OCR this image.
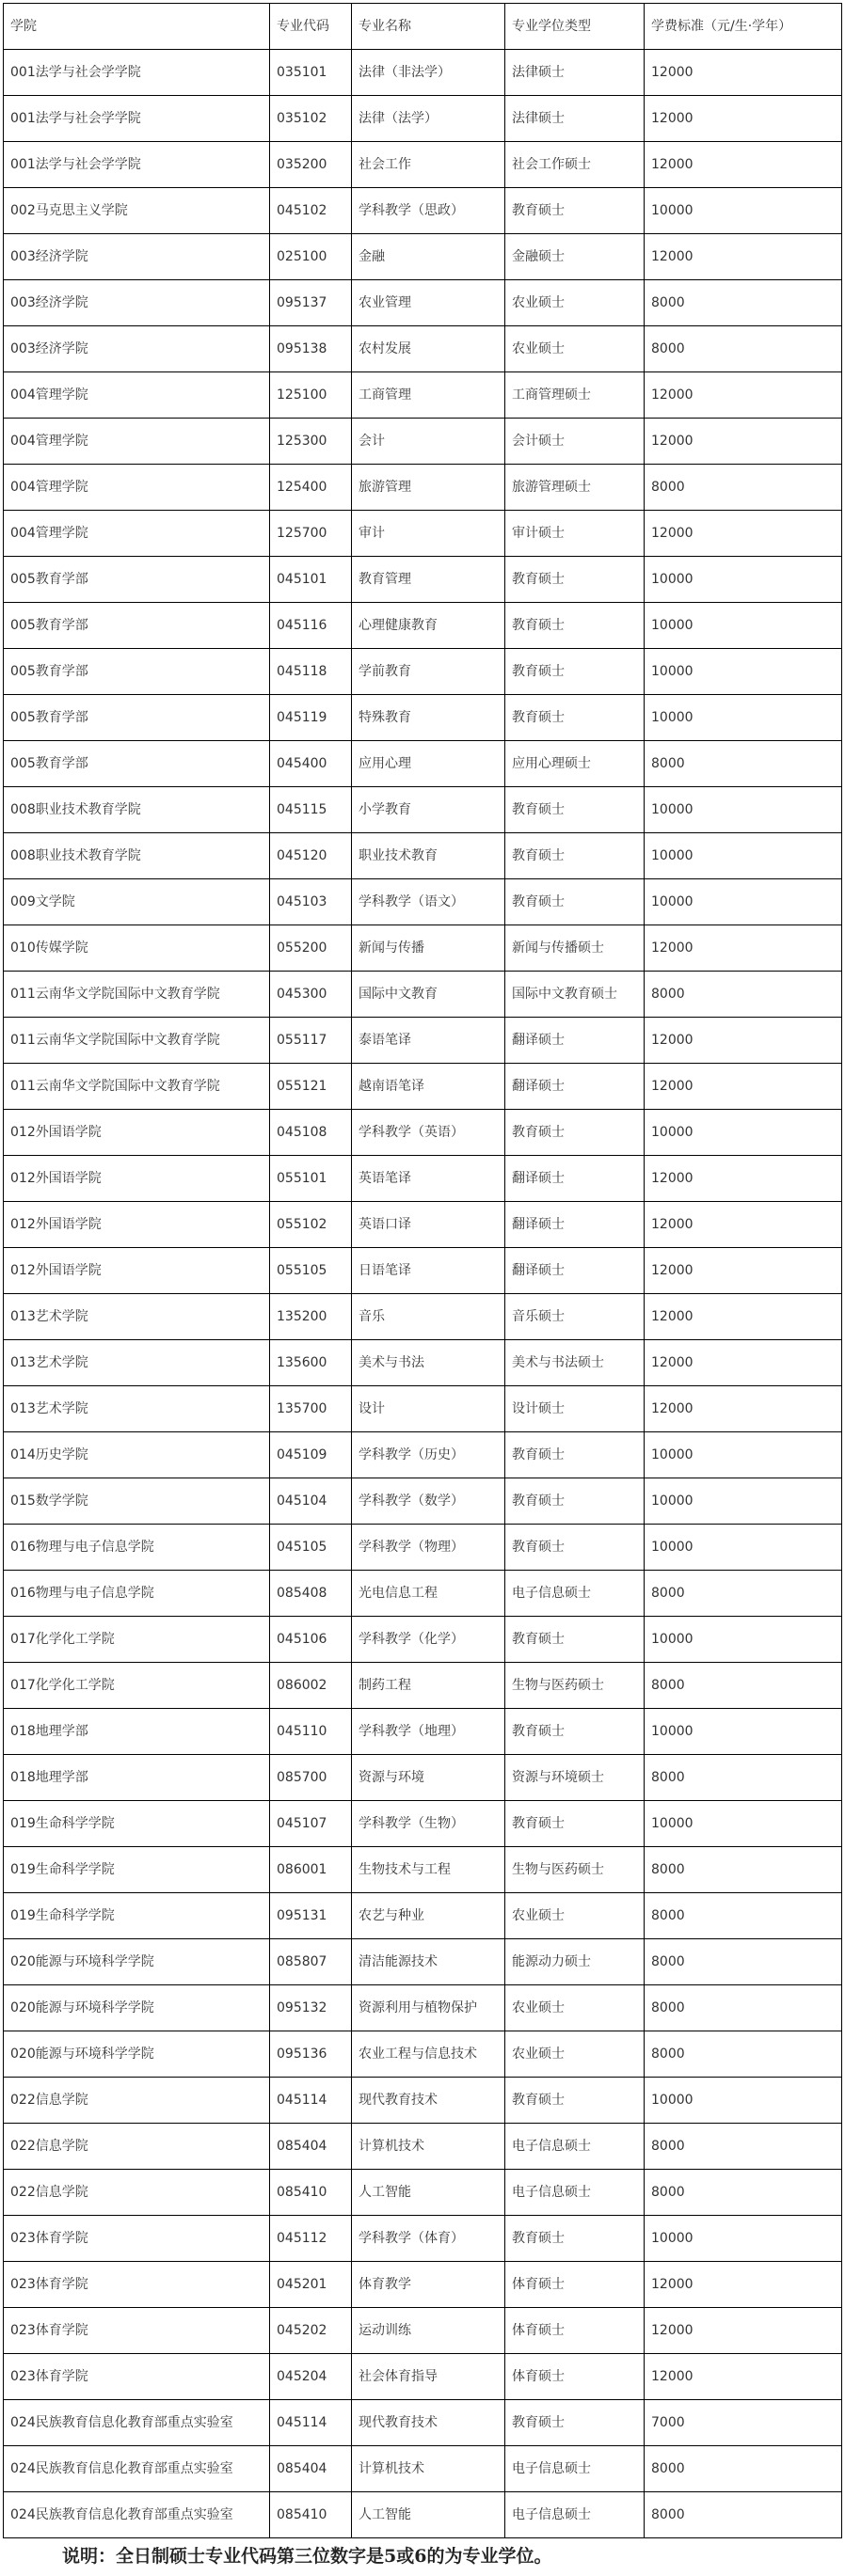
学院	专业代码	专业名称	专业学位类型	学费标准（元/生·学年）
001法学与社会学学院	035101	法律（非法学）	法律硕士	12000
001法学与社会学学院	035102	法律（法学）	法律硕士	12000
001法学与社会学学院	035200	社会工作	社会工作硕士	12000
002马克思主义学院	045102	学科教学（思政）	教育硕士	10000
003经济学院	025100	金融	金融硕士	12000
003经济学院	095137	农业管理	农业硕士	8000
003经济学院	095138	农村发展	农业硕士	8000
004管理学院	125100	工商管理	工商管理硕士	12000
004管理学院	125300	会计	会计硕士	12000
004管理学院	125400	旅游管理	旅游管理硕士	8000
004管理学院	125700	审计	审计硕士	12000
005教育学部	045101	教育管理	教育硕士	10000
005教育学部	045116	心理健康教育	教育硕士	10000
005教育学部	045118	学前教育	教育硕士	10000
005教育学部	045119	特殊教育	教育硕士	10000
005教育学部	045400	应用心理	应用心理硕士	8000
008职业技术教育学院	045115	小学教育	教育硕士	10000
008职业技术教育学院	045120	职业技术教育	教育硕士	10000
009文学院	045103	学科教学（语文）	教育硕士	10000
010传媒学院	055200	新闻与传播	新闻与传播硕士	12000
011云南华文学院国际中文教育学院	045300	国际中文教育	国际中文教育硕士	8000
011云南华文学院国际中文教育学院	055117	泰语笔译	翻译硕士	12000
011云南华文学院国际中文教育学院	055121	越南语笔译	翻译硕士	12000
012外国语学院	045108	学科教学（英语）	教育硕士	10000
012外国语学院	055101	英语笔译	翻译硕士	12000
012外国语学院	055102	英语口译	翻译硕士	12000
012外国语学院	055105	日语笔译	翻译硕士	12000
013艺术学院	135200	音乐	音乐硕士	12000
013艺术学院	135600	美术与书法	美术与书法硕士	12000
013艺术学院	135700	设计	设计硕士	12000
014历史学院	045109	学科教学（历史）	教育硕士	10000
015数学学院	045104	学科教学（数学）	教育硕士	10000
016物理与电子信息学院	045105	学科教学（物理）	教育硕士	10000
016物理与电子信息学院	085408	光电信息工程	电子信息硕士	8000
017化学化工学院	045106	学科教学（化学）	教育硕士	10000
017化学化工学院	086002	制药工程	生物与医药硕士	8000
018地理学部	045110	学科教学（地理）	教育硕士	10000
018地理学部	085700	资源与环境	资源与环境硕士	8000
019生命科学学院	045107	学科教学（生物）	教育硕士	10000
019生命科学学院	086001	生物技术与工程	生物与医药硕士	8000
019生命科学学院	095131	农艺与种业	农业硕士	8000
020能源与环境科学学院	085807	清洁能源技术	能源动力硕士	8000
020能源与环境科学学院	095132	资源利用与植物保护	农业硕士	8000
020能源与环境科学学院	095136	农业工程与信息技术	农业硕士	8000
022信息学院	045114	现代教育技术	教育硕士	10000
022信息学院	085404	计算机技术	电子信息硕士	8000
022信息学院	085410	人工智能	电子信息硕士	8000
023体育学院	045112	学科教学（体育）	教育硕士	10000
023体育学院	045201	体育教学	体育硕士	12000
023体育学院	045202	运动训练	体育硕士	12000
023体育学院	045204	社会体育指导	体育硕士	12000
024民族教育信息化教育部重点实验室	045114	现代教育技术	教育硕士	7000
024民族教育信息化教育部重点实验室	085404	计算机技术	电子信息硕士	8000
024民族教育信息化教育部重点实验室	085410	人工智能	电子信息硕士	8000
说明：全日制硕士专业代码第三位数字是5或6的为专业学位。
